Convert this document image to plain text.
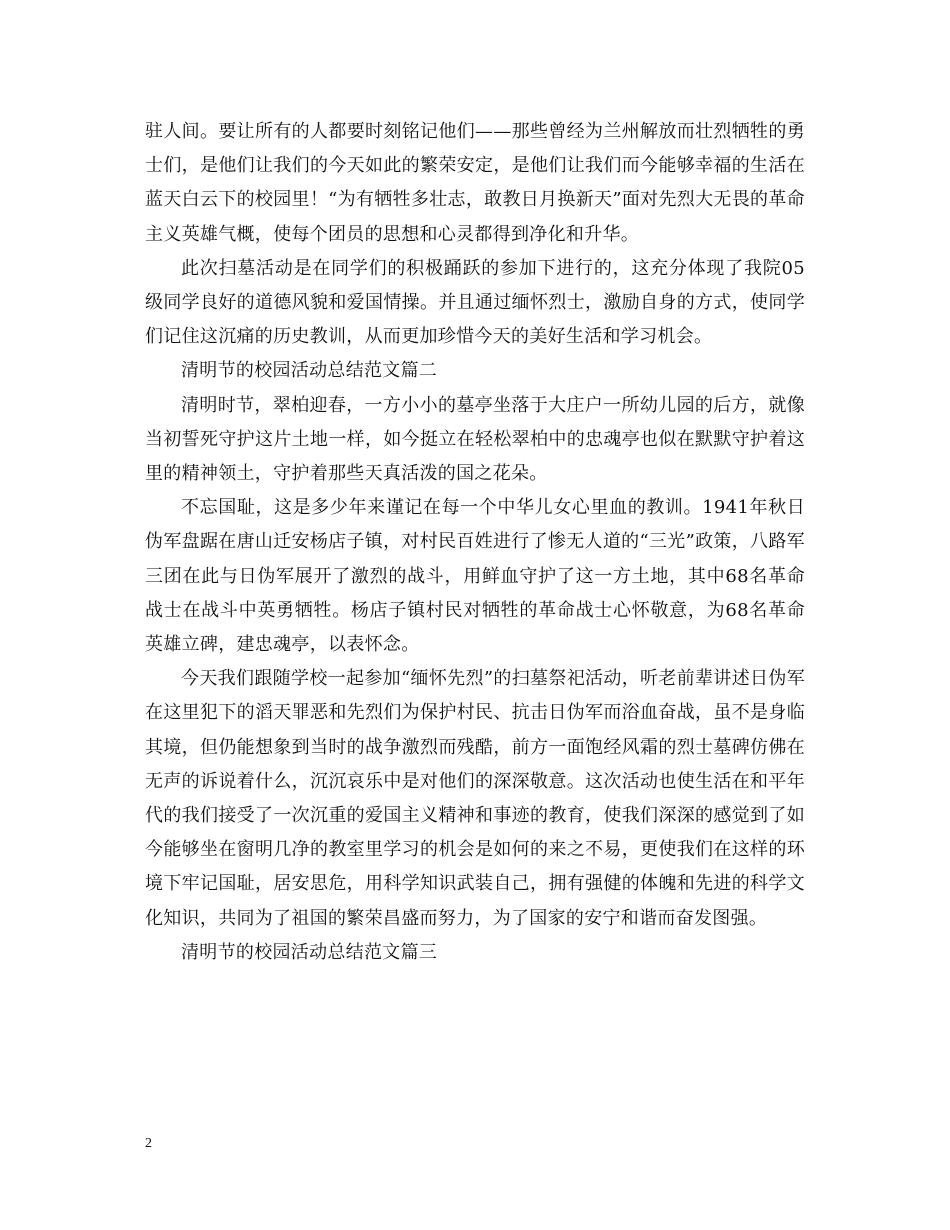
驻人间。要让所有的人都要时刻铭记他们——那些曾经为兰州解放而壮烈牺牲的勇士们，是他们让我们的今天如此的繁荣安定，是他们让我们而今能够幸福的生活在蓝天白云下的校园里！“为有牺牲多壮志，敢教日月换新天”面对先烈大无畏的革命主义英雄气概，使每个团员的思想和心灵都得到净化和升华。

此次扫墓活动是在同学们的积极踊跃的参加下进行的，这充分体现了我院05级同学良好的道德风貌和爱国情操。并且通过缅怀烈士，激励自身的方式，使同学们记住这沉痛的历史教训，从而更加珍惜今天的美好生活和学习机会。

清明节的校园活动总结范文篇二

清明时节，翠柏迎春，一方小小的墓亭坐落于大庄户一所幼儿园的后方，就像当初誓死守护这片土地一样，如今挺立在轻松翠柏中的忠魂亭也似在默默守护着这里的精神领土，守护着那些天真活泼的国之花朵。

不忘国耻，这是多少年来谨记在每一个中华儿女心里血的教训。1941年秋日伪军盘踞在唐山迁安杨店子镇，对村民百姓进行了惨无人道的“三光”政策，八路军三团在此与日伪军展开了激烈的战斗，用鲜血守护了这一方土地，其中68名革命战士在战斗中英勇牺牲。杨店子镇村民对牺牲的革命战士心怀敬意，为68名革命英雄立碑，建忠魂亭，以表怀念。

今天我们跟随学校一起参加“缅怀先烈”的扫墓祭祀活动，听老前辈讲述日伪军在这里犯下的滔天罪恶和先烈们为保护村民、抗击日伪军而浴血奋战，虽不是身临其境，但仍能想象到当时的战争激烈而残酷，前方一面饱经风霜的烈士墓碑仿佛在无声的诉说着什么，沉沉哀乐中是对他们的深深敬意。这次活动也使生活在和平年代的我们接受了一次沉重的爱国主义精神和事迹的教育，使我们深深的感觉到了如今能够坐在窗明几净的教室里学习的机会是如何的来之不易，更使我们在这样的环境下牢记国耻，居安思危，用科学知识武装自己，拥有强健的体魄和先进的科学文化知识，共同为了祖国的繁荣昌盛而努力，为了国家的安宁和谐而奋发图强。

清明节的校园活动总结范文篇三

2
